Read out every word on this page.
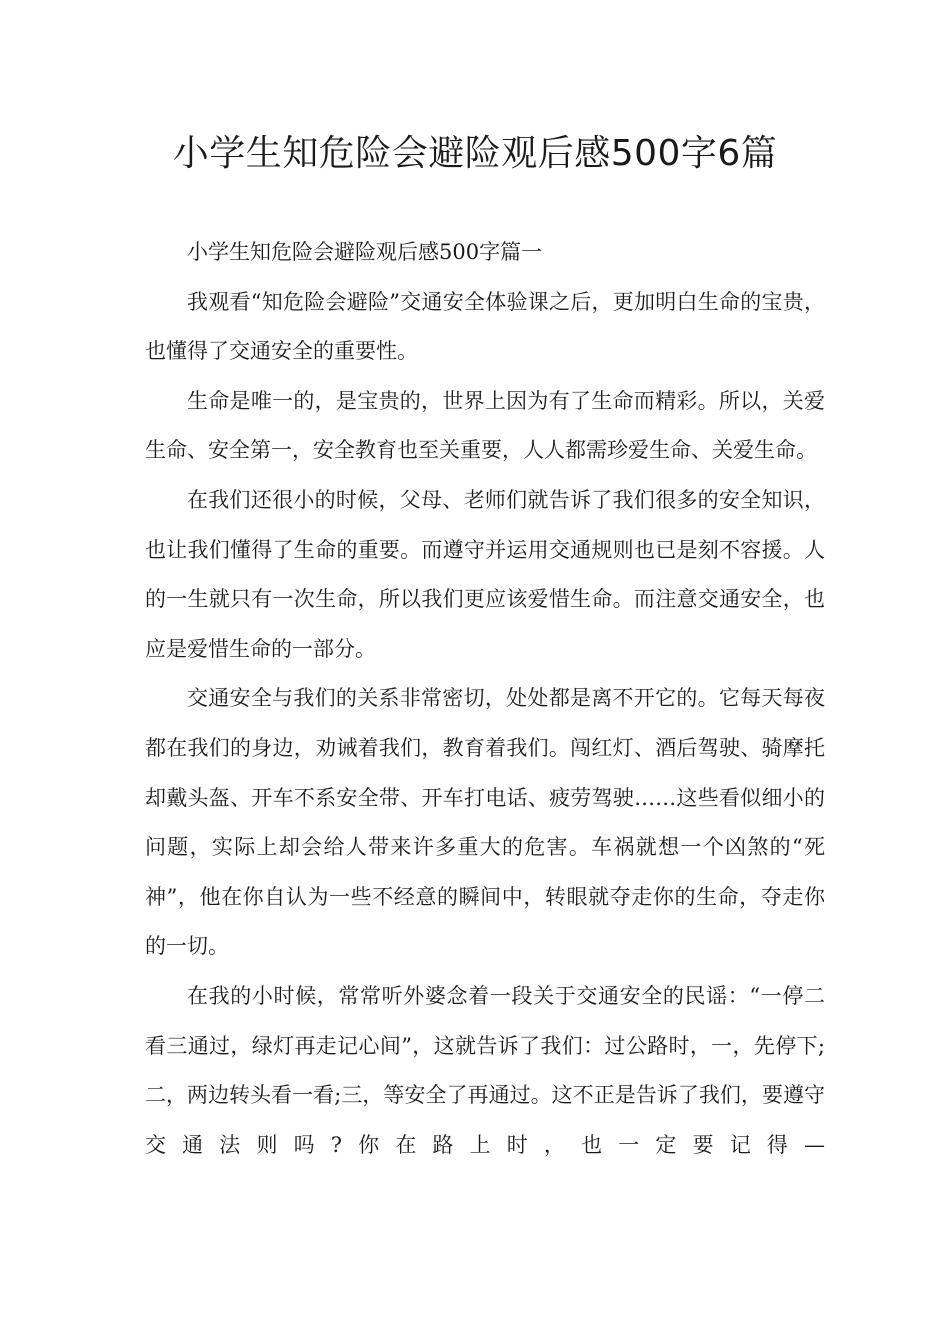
小学生知危险会避险观后感500字6篇

小学生知危险会避险观后感500字篇一

我观看“知危险会避险”交通安全体验课之后，更加明白生命的宝贵，也懂得了交通安全的重要性。

生命是唯一的，是宝贵的，世界上因为有了生命而精彩。所以，关爱生命、安全第一，安全教育也至关重要，人人都需珍爱生命、关爱生命。

在我们还很小的时候，父母、老师们就告诉了我们很多的安全知识，也让我们懂得了生命的重要。而遵守并运用交通规则也已是刻不容援。人的一生就只有一次生命，所以我们更应该爱惜生命。而注意交通安全，也应是爱惜生命的一部分。

交通安全与我们的关系非常密切，处处都是离不开它的。它每天每夜都在我们的身边，劝诫着我们，教育着我们。闯红灯、酒后驾驶、骑摩托却戴头盔、开车不系安全带、开车打电话、疲劳驾驶……这些看似细小的问题，实际上却会给人带来许多重大的危害。车祸就想一个凶煞的“死神”，他在你自认为一些不经意的瞬间中，转眼就夺走你的生命，夺走你的一切。

在我的小时候，常常听外婆念着一段关于交通安全的民谣：“一停二看三通过，绿灯再走记心间”，这就告诉了我们：过公路时，一，先停下;二，两边转头看一看;三，等安全了再通过。这不正是告诉了我们，要遵守交通法则吗?你在路上时，也一定要记得—
